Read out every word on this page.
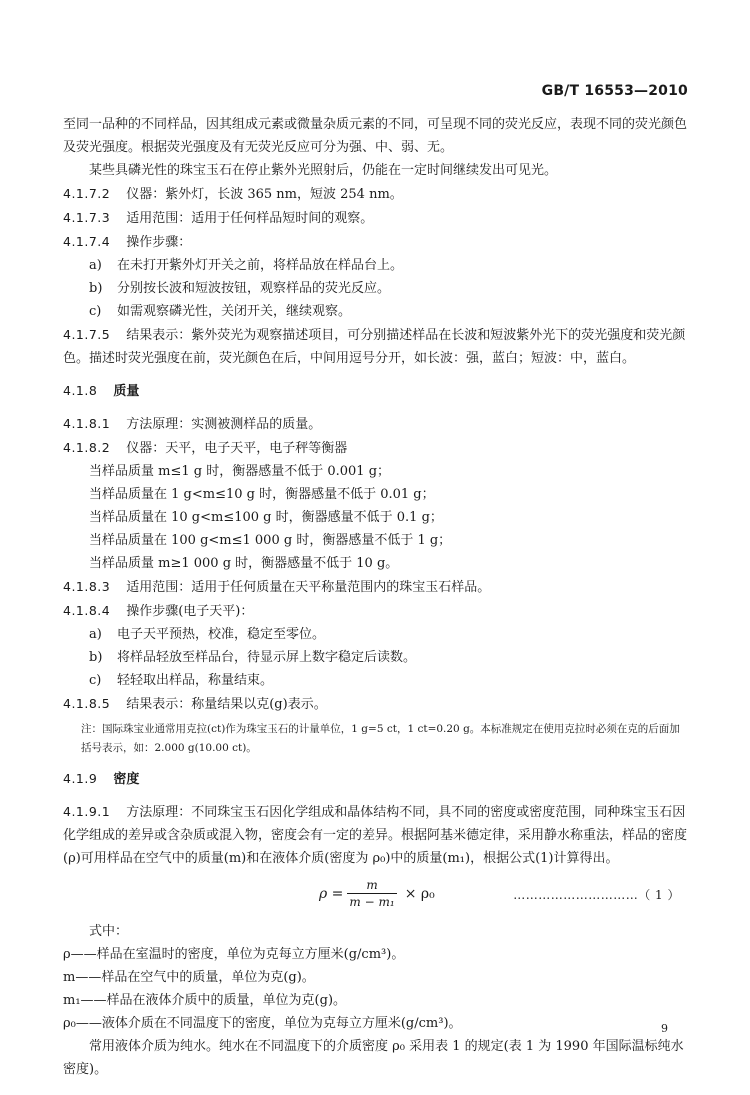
GB/T 16553—2010

至同一品种的不同样品，因其组成元素或微量杂质元素的不同，可呈现不同的荧光反应，表现不同的荧光颜色及荧光强度。根据荧光强度及有无荧光反应可分为强、中、弱、无。

某些具磷光性的珠宝玉石在停止紫外光照射后，仍能在一定时间继续发出可见光。

4.1.7.2 仪器：紫外灯，长波 365 nm，短波 254 nm。

4.1.7.3 适用范围：适用于任何样品短时间的观察。

4.1.7.4 操作步骤：

a) 在未打开紫外灯开关之前，将样品放在样品台上。

b) 分别按长波和短波按钮，观察样品的荧光反应。

c) 如需观察磷光性，关闭开关，继续观察。

4.1.7.5 结果表示：紫外荧光为观察描述项目，可分别描述样品在长波和短波紫外光下的荧光强度和荧光颜色。描述时荧光强度在前，荧光颜色在后，中间用逗号分开，如长波：强，蓝白；短波：中，蓝白。

4.1.8 质量

4.1.8.1 方法原理：实测被测样品的质量。

4.1.8.2 仪器：天平，电子天平，电子秤等衡器

当样品质量 m≤1 g 时，衡器感量不低于 0.001 g；

当样品质量在 1 g<m≤10 g 时，衡器感量不低于 0.01 g；

当样品质量在 10 g<m≤100 g 时，衡器感量不低于 0.1 g；

当样品质量在 100 g<m≤1 000 g 时，衡器感量不低于 1 g；

当样品质量 m≥1 000 g 时，衡器感量不低于 10 g。

4.1.8.3 适用范围：适用于任何质量在天平称量范围内的珠宝玉石样品。

4.1.8.4 操作步骤(电子天平)：

a) 电子天平预热，校准，稳定至零位。

b) 将样品轻放至样品台，待显示屏上数字稳定后读数。

c) 轻轻取出样品，称量结束。

4.1.8.5 结果表示：称量结果以克(g)表示。

注：国际珠宝业通常用克拉(ct)作为珠宝玉石的计量单位，1 g=5 ct，1 ct=0.20 g。本标准规定在使用克拉时必须在克的后面加括号表示，如：2.000 g(10.00 ct)。

4.1.9 密度

4.1.9.1 方法原理：不同珠宝玉石因化学组成和晶体结构不同，具不同的密度或密度范围，同种珠宝玉石因化学组成的差异或含杂质或混入物，密度会有一定的差异。根据阿基米德定律，采用静水称重法，样品的密度(ρ)可用样品在空气中的质量(m)和在液体介质(密度为 ρ₀)中的质量(m₁)，根据公式(1)计算得出。

$\rho = \frac{m}{\text{m − m₁}} \times \rho_0$	…………………………（ 1 ）

式中：

ρ——样品在室温时的密度，单位为克每立方厘米(g/cm³)。

m——样品在空气中的质量，单位为克(g)。

m₁——样品在液体介质中的质量，单位为克(g)。

ρ₀——液体介质在不同温度下的密度，单位为克每立方厘米(g/cm³)。

常用液体介质为纯水。纯水在不同温度下的介质密度 ρ₀ 采用表 1 的规定(表 1 为 1990 年国际温标纯水密度)。

9
